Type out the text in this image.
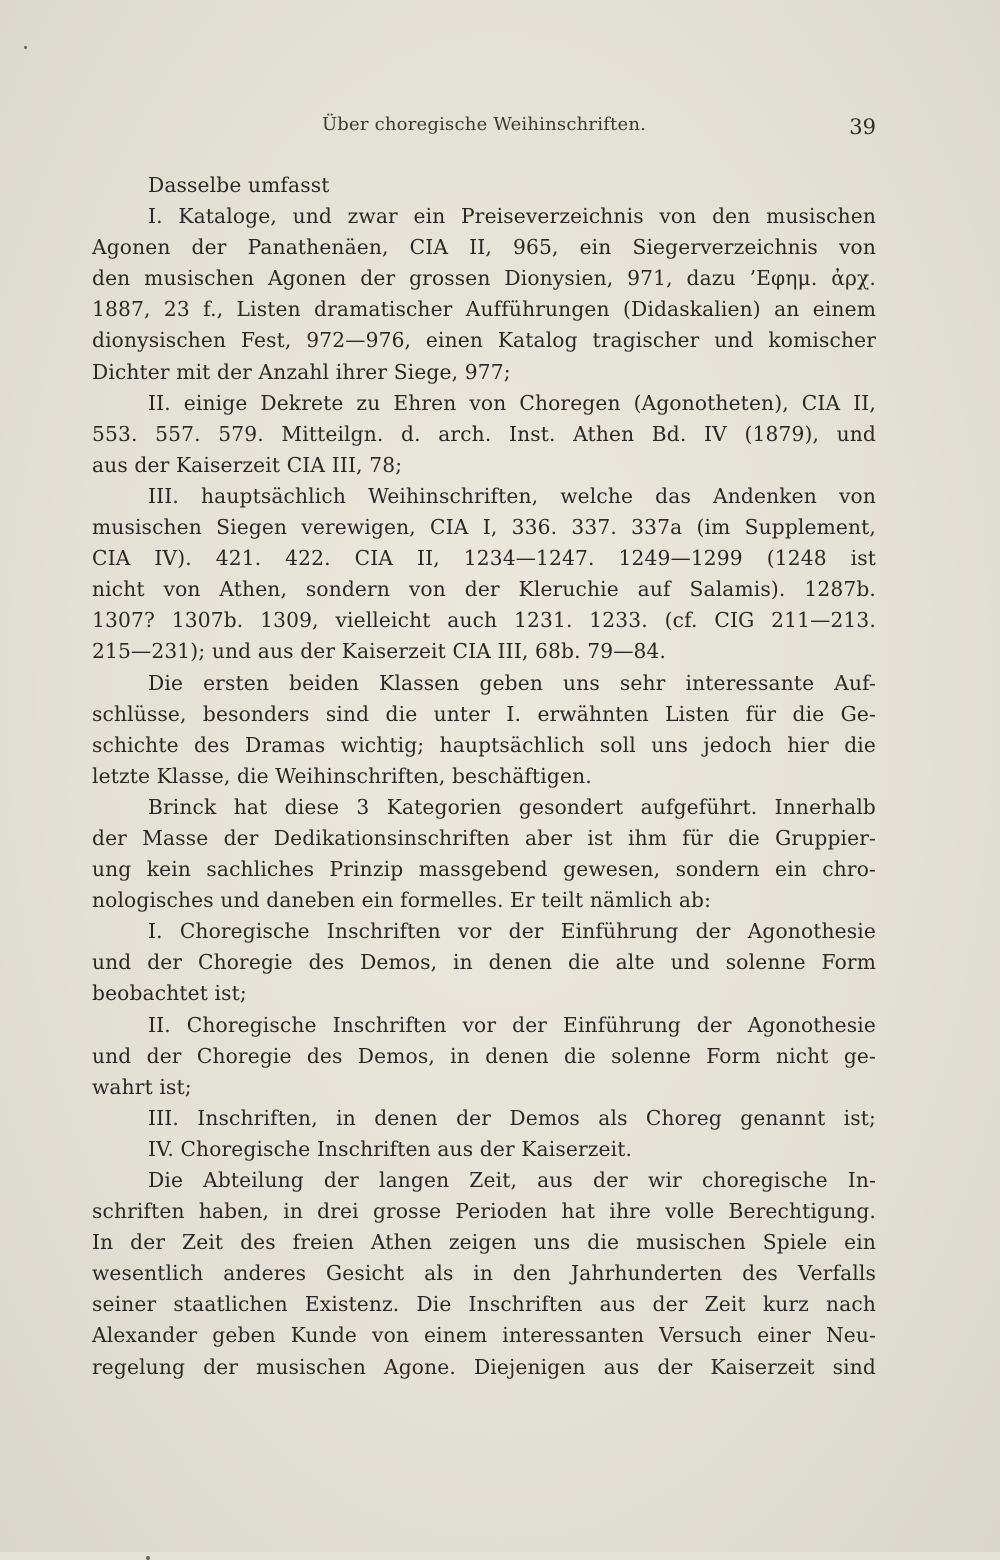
Über choregische Weihinschriften.	39
Dasselbe umfasst
I. Kataloge, und zwar ein Preiseverzeichnis von den musischen
Agonen der Panathenäen, CIA II, 965, ein Siegerverzeichnis von
den musischen Agonen der grossen Dionysien, 971, dazu ’Εφημ. ἀρχ.
1887, 23 f., Listen dramatischer Aufführungen (Didaskalien) an einem
dionysischen Fest, 972—976, einen Katalog tragischer und komischer
Dichter mit der Anzahl ihrer Siege, 977;
II. einige Dekrete zu Ehren von Choregen (Agonotheten), CIA II,
553. 557. 579. Mitteilgn. d. arch. Inst. Athen Bd. IV (1879), und
aus der Kaiserzeit CIA III, 78;
III. hauptsächlich Weihinschriften, welche das Andenken von
musischen Siegen verewigen, CIA I, 336. 337. 337a (im Supplement,
CIA IV). 421. 422. CIA II, 1234—1247. 1249—1299 (1248 ist
nicht von Athen, sondern von der Kleruchie auf Salamis). 1287b.
1307? 1307b. 1309, vielleicht auch 1231. 1233. (cf. CIG 211—213.
215—231); und aus der Kaiserzeit CIA III, 68b. 79—84.
Die ersten beiden Klassen geben uns sehr interessante Auf-
schlüsse, besonders sind die unter I. erwähnten Listen für die Ge-
schichte des Dramas wichtig; hauptsächlich soll uns jedoch hier die
letzte Klasse, die Weihinschriften, beschäftigen.
Brinck hat diese 3 Kategorien gesondert aufgeführt. Innerhalb
der Masse der Dedikationsinschriften aber ist ihm für die Gruppier-
ung kein sachliches Prinzip massgebend gewesen, sondern ein chro-
nologisches und daneben ein formelles. Er teilt nämlich ab:
I. Choregische Inschriften vor der Einführung der Agonothesie
und der Choregie des Demos, in denen die alte und solenne Form
beobachtet ist;
II. Choregische Inschriften vor der Einführung der Agonothesie
und der Choregie des Demos, in denen die solenne Form nicht ge-
wahrt ist;
III. Inschriften, in denen der Demos als Choreg genannt ist;
IV. Choregische Inschriften aus der Kaiserzeit.
Die Abteilung der langen Zeit, aus der wir choregische In-
schriften haben, in drei grosse Perioden hat ihre volle Berechtigung.
In der Zeit des freien Athen zeigen uns die musischen Spiele ein
wesentlich anderes Gesicht als in den Jahrhunderten des Verfalls
seiner staatlichen Existenz. Die Inschriften aus der Zeit kurz nach
Alexander geben Kunde von einem interessanten Versuch einer Neu-
regelung der musischen Agone. Diejenigen aus der Kaiserzeit sind
